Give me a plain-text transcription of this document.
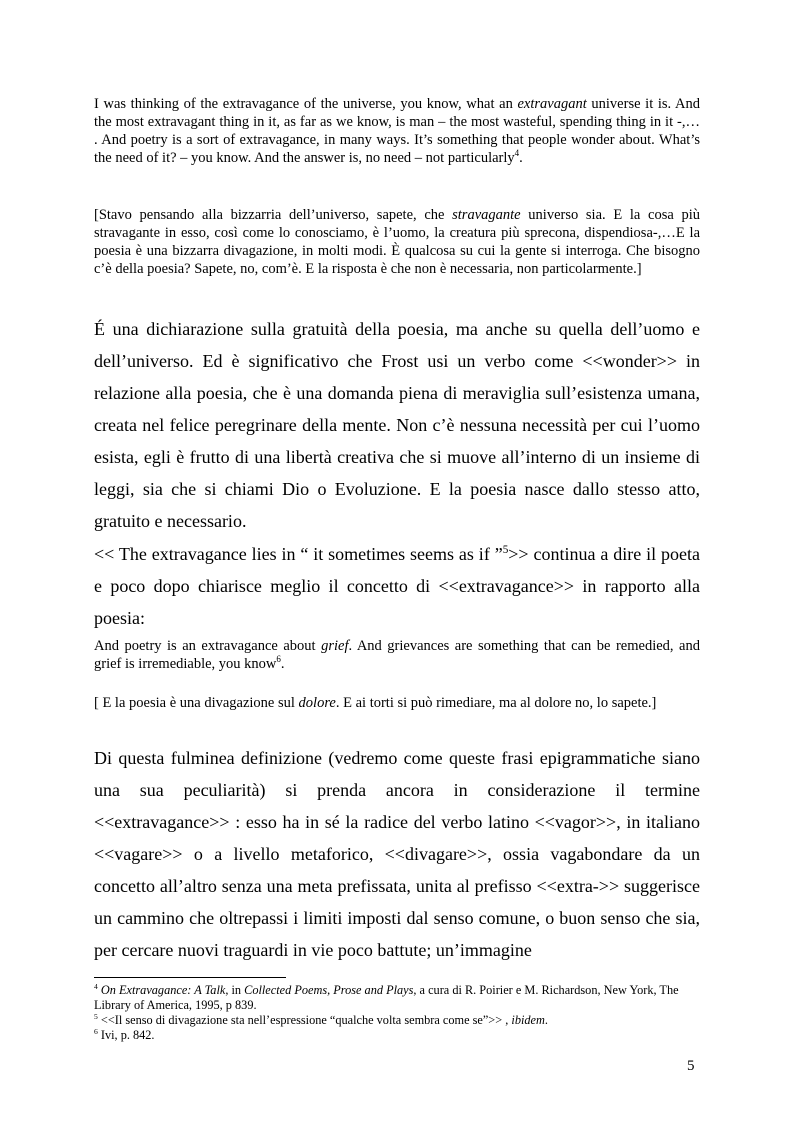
I was thinking of the extravagance of the universe, you know, what an extravagant universe it is. And the most extravagant thing in it, as far as we know, is man – the most wasteful, spending thing in it -,… . And poetry is a sort of extravagance, in many ways. It’s something that people wonder about. What’s the need of it? – you know. And the answer is, no need – not particularly$^4$.

[Stavo pensando alla bizzarria dell’universo, sapete, che stravagante universo sia. E la cosa più stravagante in esso, così come lo conosciamo, è l’uomo, la creatura più sprecona, dispendiosa-,…E la poesia è una bizzarra divagazione, in molti modi. È qualcosa su cui la gente si interroga. Che bisogno c’è della poesia? Sapete, no, com’è. E la risposta è che non è necessaria, non particolarmente.]

É una dichiarazione sulla gratuità della poesia, ma anche su quella dell’uomo e dell’universo. Ed è significativo che Frost usi un verbo come <<wonder>> in relazione alla poesia, che è una domanda piena di meraviglia sull’esistenza umana, creata nel felice peregrinare della mente. Non c’è nessuna necessità per cui l’uomo esista, egli è frutto di una libertà creativa che si muove all’interno di un insieme di leggi, sia che si chiami Dio o Evoluzione. E la poesia nasce dallo stesso atto, gratuito e necessario.

<< The extravagance lies in “ it sometimes seems as if ”$^5$>> continua a dire il poeta e poco dopo chiarisce meglio il concetto di <<extravagance>> in rapporto alla poesia:

And poetry is an extravagance about grief. And grievances are something that can be remedied, and grief is irremediable, you know$^6$.

[ E la poesia è una divagazione sul dolore. E ai torti si può rimediare, ma al dolore no, lo sapete.]

Di questa fulminea definizione (vedremo come queste frasi epigrammatiche siano una sua peculiarità) si prenda ancora in considerazione il termine <<extravagance>> : esso ha in sé la radice del verbo latino <<vagor>>, in italiano <<vagare>> o a livello metaforico, <<divagare>>, ossia vagabondare da un concetto all’altro senza una meta prefissata, unita al prefisso <<extra->> suggerisce un cammino che oltrepassi i limiti imposti dal senso comune, o buon senso che sia, per cercare nuovi traguardi in vie poco battute; un’immagine

$^4$ On Extravagance: A Talk, in Collected Poems, Prose and Plays, a cura di R. Poirier e M. Richardson, New York, The Library of America, 1995, p 839.

$^5$ <<Il senso di divagazione sta nell’espressione “qualche volta sembra come se”>> , ibidem.

$^6$ Ivi, p. 842.

5
